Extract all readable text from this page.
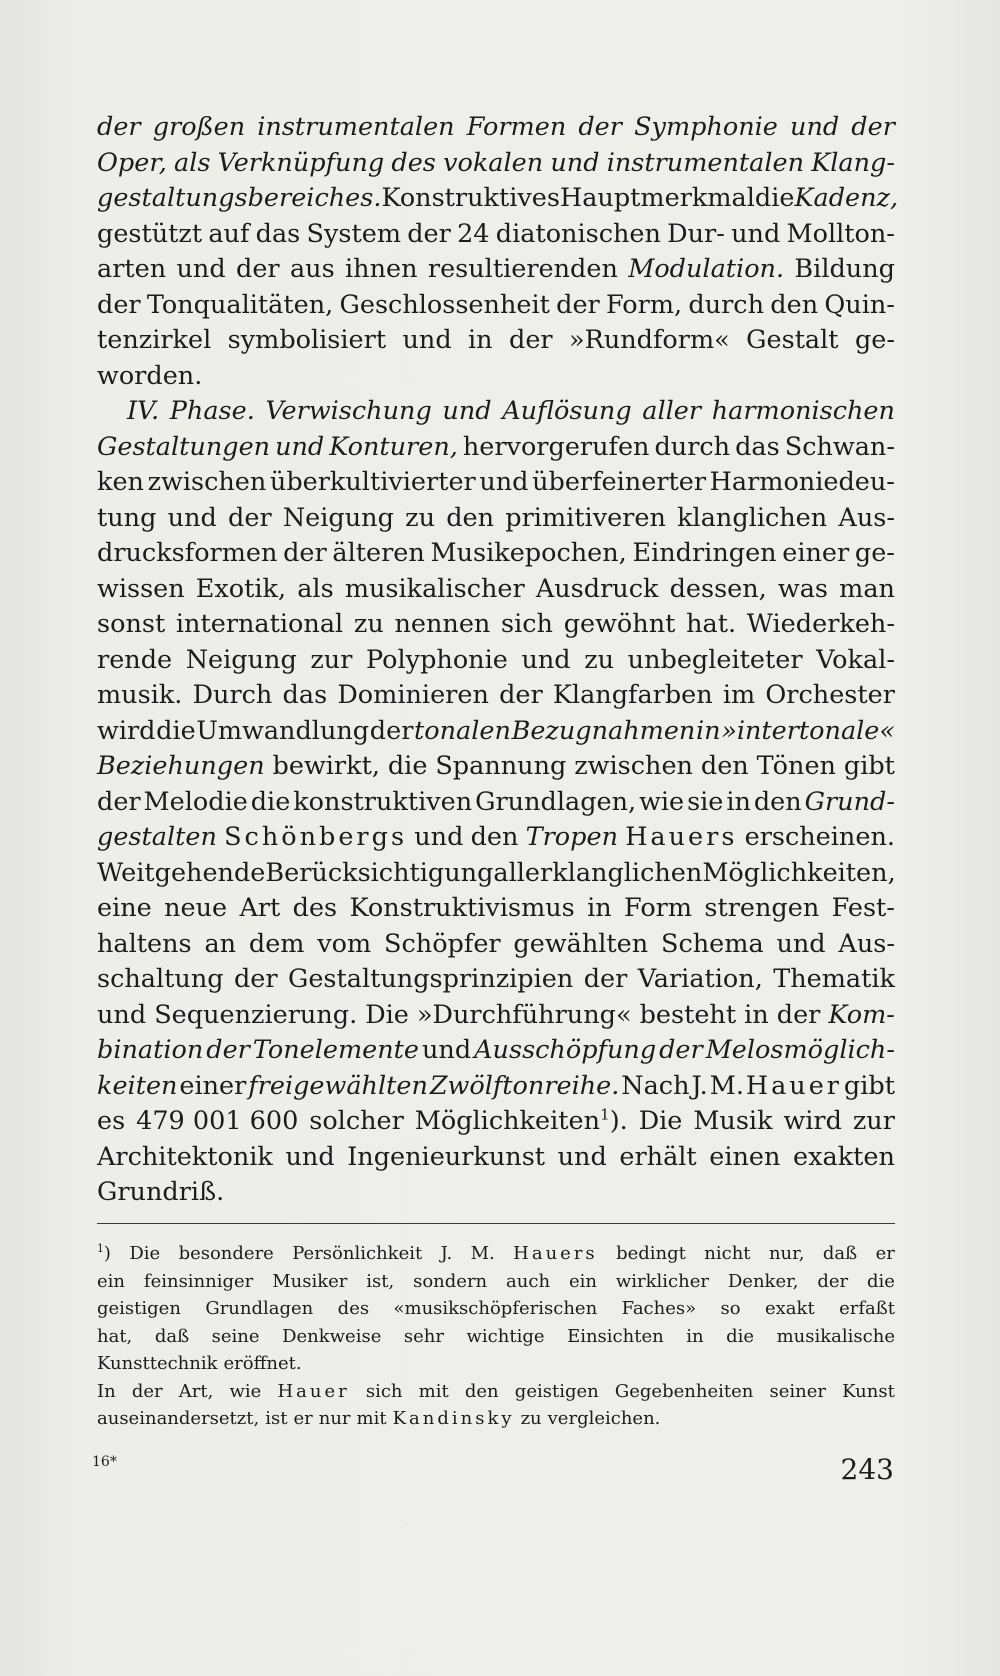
der großen instrumentalen Formen der Symphonie und der
Oper, als Verknüpfung des vokalen und instrumentalen Klang-
gestaltungsbereiches. Konstruktives Hauptmerkmal die Kadenz,
gestützt auf das System der 24 diatonischen Dur- und Mollton-
arten und der aus ihnen resultierenden Modulation. Bildung
der Tonqualitäten, Geschlossenheit der Form, durch den Quin-
tenzirkel symbolisiert und in der »Rundform« Gestalt ge-
worden.
IV. Phase. Verwischung und Auflösung aller harmonischen
Gestaltungen und Konturen, hervorgerufen durch das Schwan-
ken zwischen überkultivierter und überfeinerter Harmoniedeu-
tung und der Neigung zu den primitiveren klanglichen Aus-
drucksformen der älteren Musikepochen, Eindringen einer ge-
wissen Exotik, als musikalischer Ausdruck dessen, was man
sonst international zu nennen sich gewöhnt hat. Wiederkeh-
rende Neigung zur Polyphonie und zu unbegleiteter Vokal-
musik. Durch das Dominieren der Klangfarben im Orchester
wird die Umwandlung der tonalen Bezugnahmen in »intertonale«
Beziehungen bewirkt, die Spannung zwischen den Tönen gibt
der Melodie die konstruktiven Grundlagen, wie sie in den Grund-
gestalten Schönbergs und den Tropen Hauers erscheinen.
Weitgehende Berücksichtigung aller klanglichen Möglichkeiten,
eine neue Art des Konstruktivismus in Form strengen Fest-
haltens an dem vom Schöpfer gewählten Schema und Aus-
schaltung der Gestaltungsprinzipien der Variation, Thematik
und Sequenzierung. Die »Durchführung« besteht in der Kom-
bination der Tonelemente und Ausschöpfung der Melosmöglich-
keiten einer freigewählten Zwölftonreihe. Nach J. M. Hauer gibt
es 479 001 600 solcher Möglichkeiten$^1$). Die Musik wird zur
Architektonik und Ingenieurkunst und erhält einen exakten
Grundriß.
$^1$) Die besondere Persönlichkeit J. M. Hauers bedingt nicht nur, daß er
ein feinsinniger Musiker ist, sondern auch ein wirklicher Denker, der die
geistigen Grundlagen des «musikschöpferischen Faches» so exakt erfaßt
hat, daß seine Denkweise sehr wichtige Einsichten in die musikalische
Kunsttechnik eröffnet.
In der Art, wie Hauer sich mit den geistigen Gegebenheiten seiner Kunst
auseinandersetzt, ist er nur mit Kandinsky zu vergleichen.
16*	243
